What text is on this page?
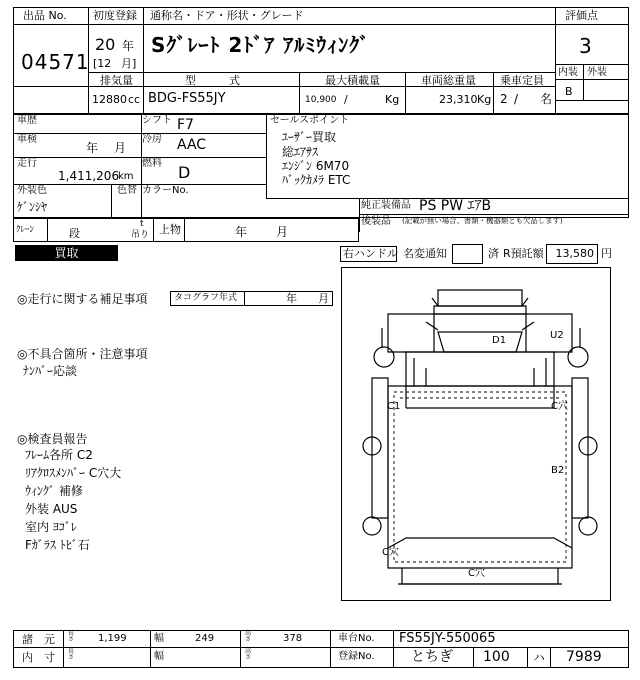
出品 No.
04571
初度登録 通称名・ドア・形状・グレード	評価点
20 年
[12 月]
Sｸﾞﾚｰﾄ 2ﾄﾞｱ ｱﾙﾐｳｨﾝｸﾞ	3
内装 外装
B
排気量	型　　　式	最大積載量	車両総重量 乗車定員
12880 cc BDG-FS55JY	10,900 /	Kg	23,310 Kg 2 / 名
車歴	シフト F7
車検
年 月
冷房 AAC
走行
1,411,206
km
燃料 D
外装色
ｹﾞﾝｼﾔ
色替 カラーNo.
セールスポイント
ﾕｰｻﾞｰ買取
総ｴｱｻｽ
ｴﾝｼﾞﾝ 6M70
ﾊﾞｯｸｶﾒﾗ ETC
純正装備品 PS PW ｴｱB
後装品 (記載が無い場合、書類・機器類とも欠品します)
ｸﾚｰﾝ	段
t
吊り 上物	年 月
買取	右ハンドル 名変通知	済 R預託額	13,580 円
◎走行に関する補足事項	タコグラフ年式	年 月
◎不具合箇所・注意事項
ﾅﾝﾊﾞｰ応談
◎検査員報告
ﾌﾚｰﾑ各所 C2
ﾘｱｸﾛｽﾒﾝﾊﾞｰ C穴大
ｳｨﾝｸﾞ 補修
外装 AUS
室内 ﾖｺﾞﾚ
Fｶﾞﾗｽ ﾄﾋﾞ石
D1	U2
C1	C穴
B2
C穴
C穴
諸　元	長さ 1,199	幅	249	高さ	378	車台No. FS55JY-550065
内　寸	長さ	幅	高さ	登録No.	とちぎ 100 ハ 7989
